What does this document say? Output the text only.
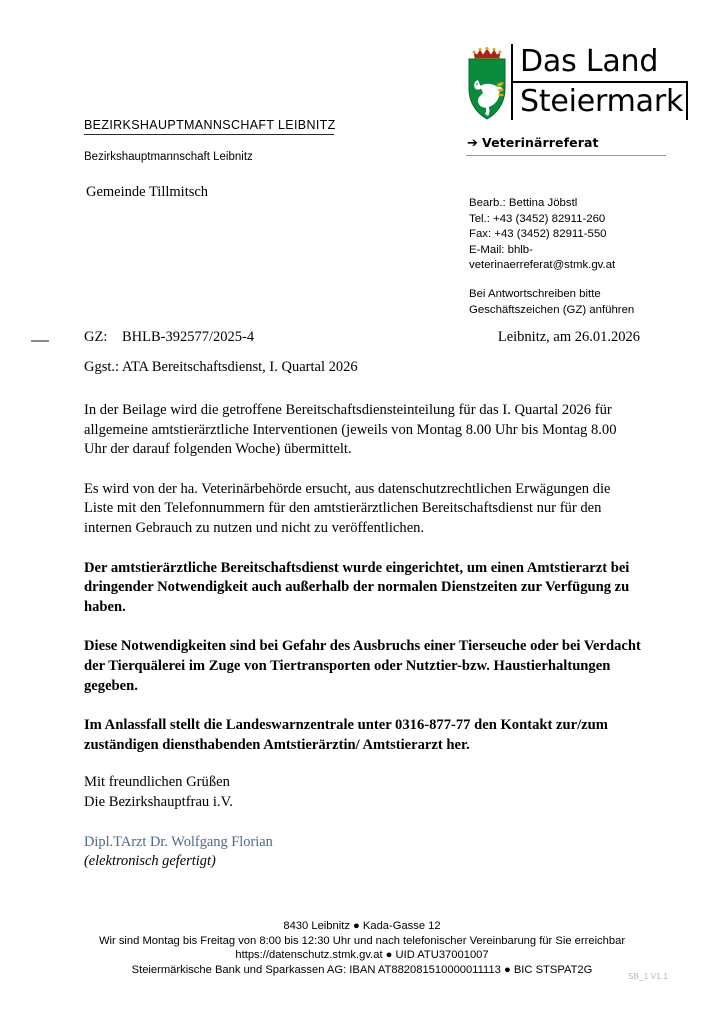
Das Land
Steiermark
➔ Veterinärreferat
BEZIRKSHAUPTMANNSCHAFT LEIBNITZ
Bezirkshauptmannschaft Leibnitz
Gemeinde Tillmitsch
Bearb.: Bettina Jöbstl
Tel.: +43 (3452) 82911-260
Fax: +43 (3452) 82911-550
E-Mail: bhlb-
veterinaerreferat@stmk.gv.at
Bei Antwortschreiben bitte
Geschäftszeichen (GZ) anführen
GZ: BHLB-392577/2025-4	Leibnitz, am 26.01.2026
Ggst.: ATA Bereitschaftsdienst, I. Quartal 2026

In der Beilage wird die getroffene Bereitschaftsdiensteinteilung für das I. Quartal 2026 für allgemeine amtstierärztliche Interventionen (jeweils von Montag 8.00 Uhr bis Montag 8.00 Uhr der darauf folgenden Woche) übermittelt.

Es wird von der ha. Veterinärbehörde ersucht, aus datenschutzrechtlichen Erwägungen die Liste mit den Telefonnummern für den amtstierärztlichen Bereitschaftsdienst nur für den internen Gebrauch zu nutzen und nicht zu veröffentlichen.

Der amtstierärztliche Bereitschaftsdienst wurde eingerichtet, um einen Amtstierarzt bei dringender Notwendigkeit auch außerhalb der normalen Dienstzeiten zur Verfügung zu haben.

Diese Notwendigkeiten sind bei Gefahr des Ausbruchs einer Tierseuche oder bei Verdacht der Tierquälerei im Zuge von Tiertransporten oder Nutztier-bzw. Haustierhaltungen gegeben.

Im Anlassfall stellt die Landeswarnzentrale unter 0316-877-77 den Kontakt zur/zum zuständigen diensthabenden Amtstierärztin/ Amtstierarzt her.

Mit freundlichen Grüßen
Die Bezirkshauptfrau i.V.
Dipl.TArzt Dr. Wolfgang Florian
(elektronisch gefertigt)
8430 Leibnitz ● Kada-Gasse 12
Wir sind Montag bis Freitag von 8:00 bis 12:30 Uhr und nach telefonischer Vereinbarung für Sie erreichbar
https://datenschutz.stmk.gv.at ● UID ATU37001007
Steiermärkische Bank und Sparkassen AG: IBAN AT882081510000011113 ● BIC STSPAT2G
SB_1 V1.1
